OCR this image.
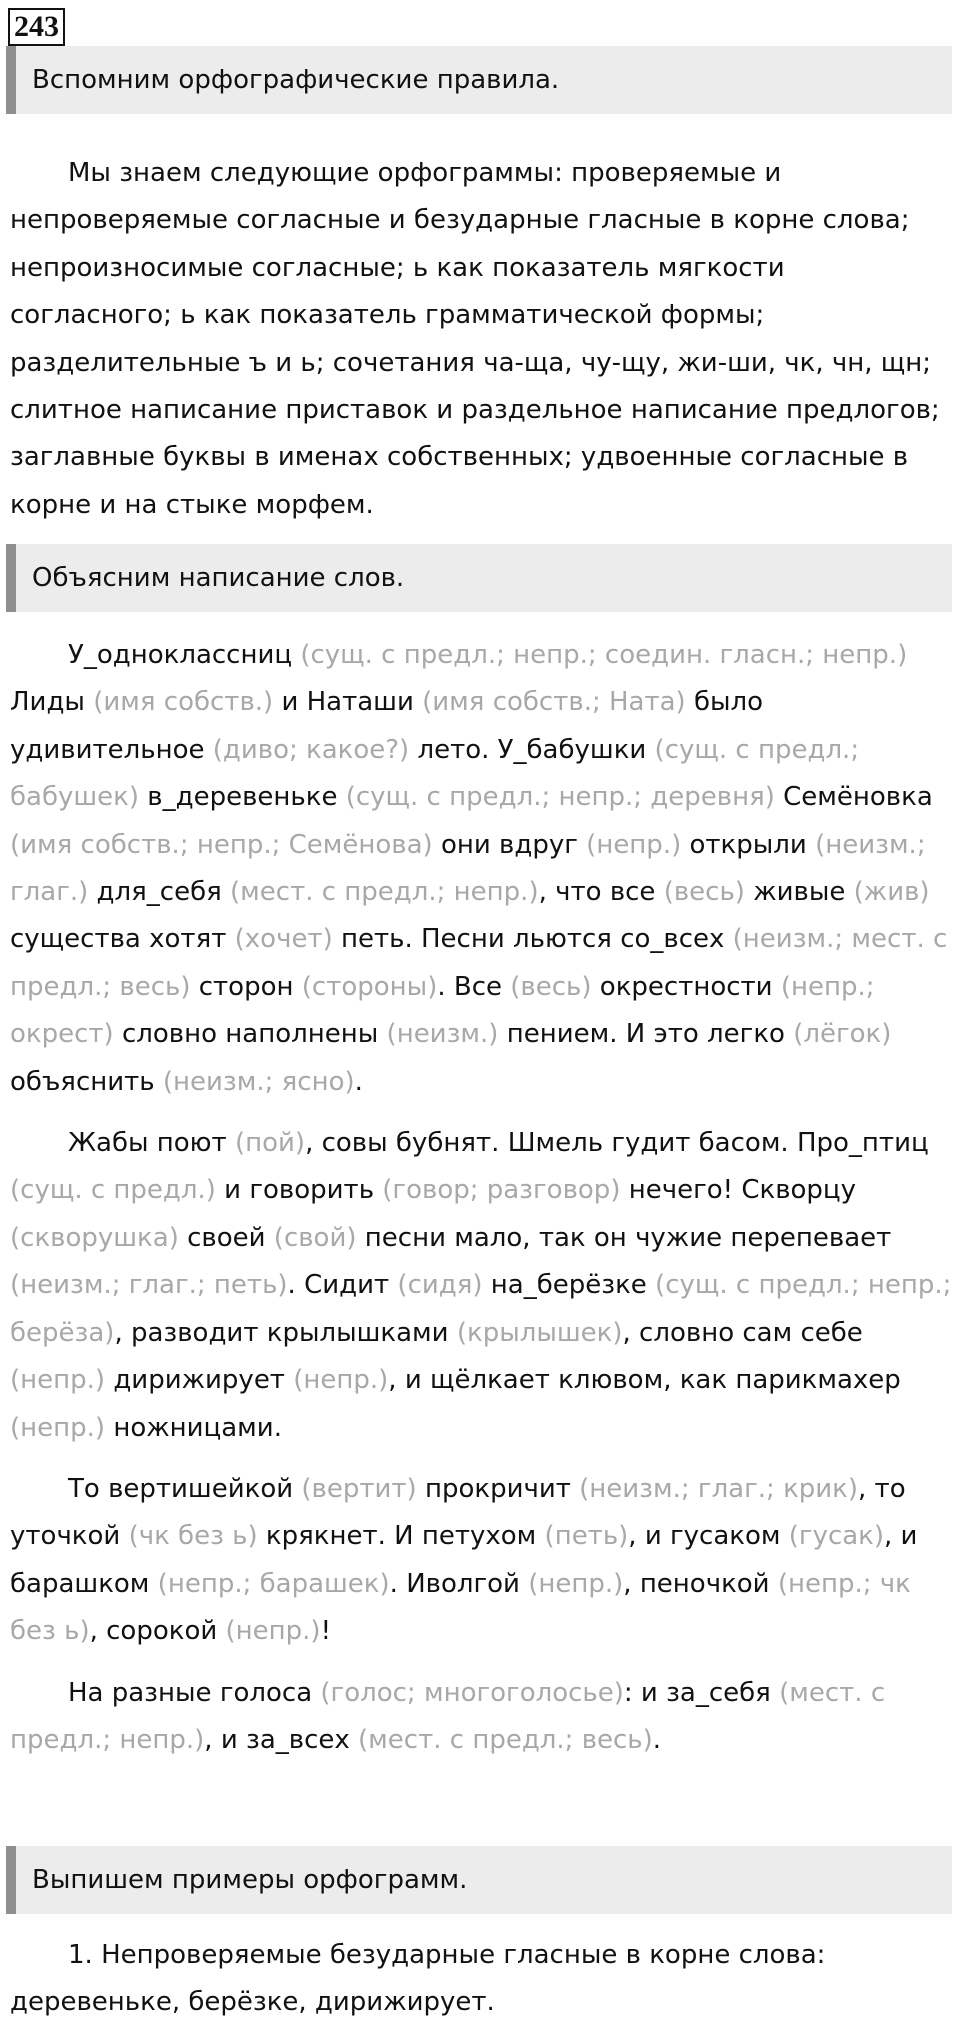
243
Вспомним орфографические правила.

Мы знаем следующие орфограммы: проверяемые и непроверяемые согласные и безударные гласные в корне слова; непроизносимые согласные; ь как показатель мягкости согласного; ь как показатель грамматической формы; разделительные ъ и ь; сочетания ча-ща, чу-щу, жи-ши, чк, чн, щн; слитное написание приставок и раздельное написание предлогов; заглавные буквы в именах собственных; удвоенные согласные в корне и на стыке морфем.

Объясним написание слов.

У_одноклассниц (сущ. с предл.; непр.; соедин. гласн.; непр.) Лиды (имя собств.) и Наташи (имя собств.; Ната) было удивительное (диво; какое?) лето. У_бабушки (сущ. с предл.; бабушек) в_деревеньке (сущ. с предл.; непр.; деревня) Семёновка (имя собств.; непр.; Семёнова) они вдруг (непр.) открыли (неизм.; глаг.) для_себя (мест. с предл.; непр.), что все (весь) живые (жив) существа хотят (хочет) петь. Песни льются со_всех (неизм.; мест. с предл.; весь) сторон (стороны). Все (весь) окрестности (непр.; окрест) словно наполнены (неизм.) пением. И это легко (лёгок) объяснить (неизм.; ясно).

Жабы поют (пой), совы бубнят. Шмель гудит басом. Про_птиц (сущ. с предл.) и говорить (говор; разговор) нечего! Скворцу (скворушка) своей (свой) песни мало, так он чужие перепевает (неизм.; глаг.; петь). Сидит (сидя) на_берёзке (сущ. с предл.; непр.; берёза), разводит крылышками (крылышек), словно сам себе (непр.) дирижирует (непр.), и щёлкает клювом, как парикмахер (непр.) ножницами.

То вертишейкой (вертит) прокричит (неизм.; глаг.; крик), то уточкой (чк без ь) крякнет. И петухом (петь), и гусаком (гусак), и барашком (непр.; барашек). Иволгой (непр.), пеночкой (непр.; чк без ь), сорокой (непр.)!

На разные голоса (голос; многоголосье): и за_себя (мест. с предл.; непр.), и за_всех (мест. с предл.; весь).

Выпишем примеры орфограмм.

1. Непроверяемые безударные гласные в корне слова: деревеньке, берёзке, дирижирует.
